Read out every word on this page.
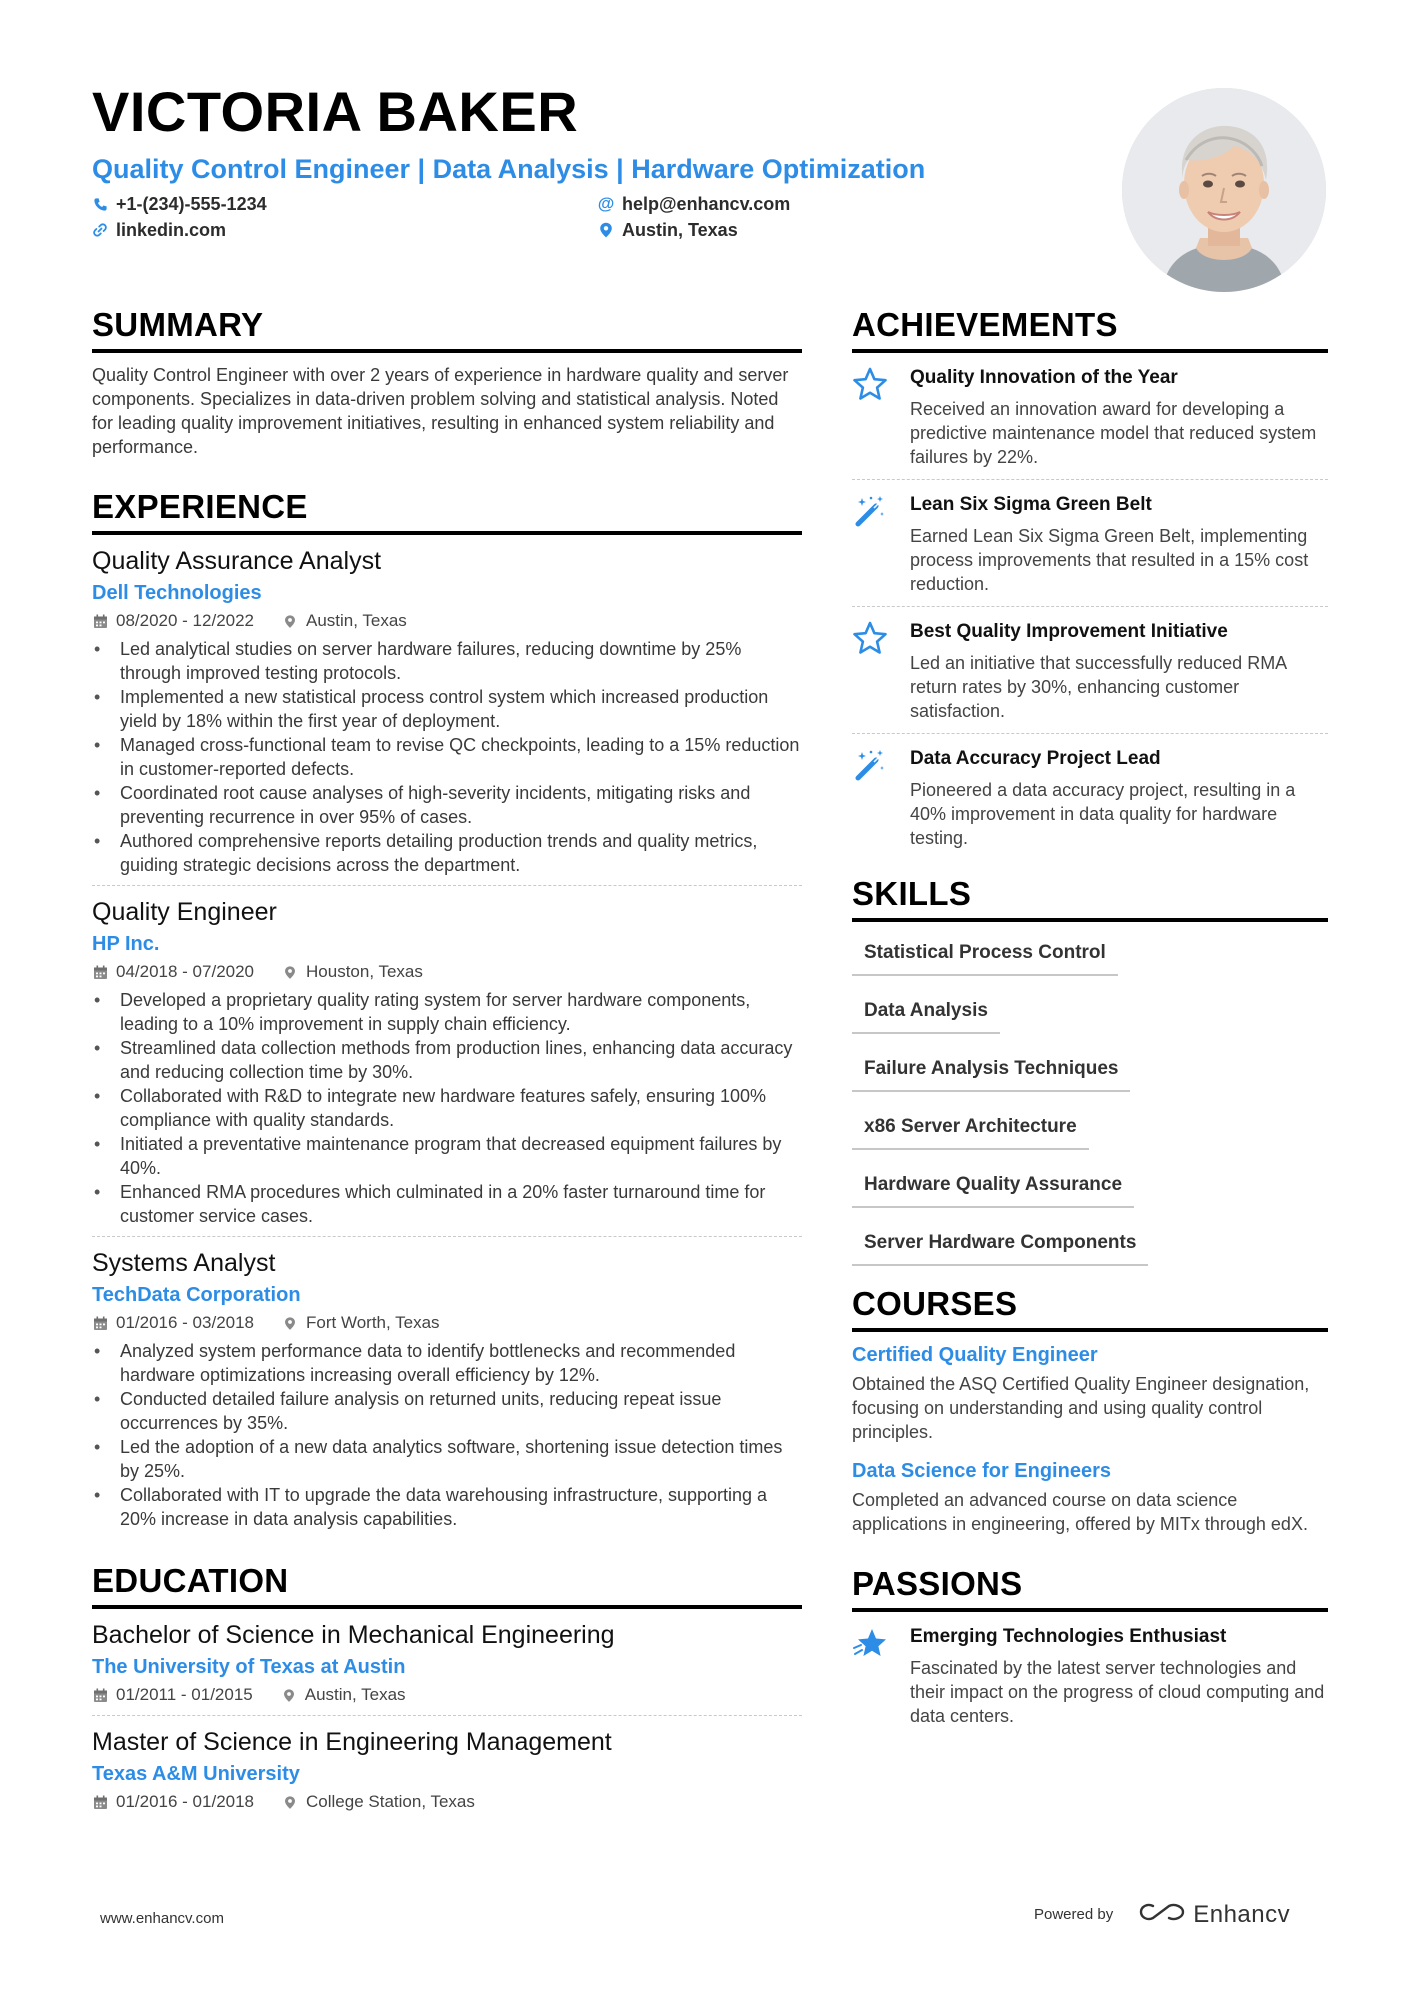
VICTORIA BAKER
Quality Control Engineer | Data Analysis | Hardware Optimization
+1-(234)-555-1234	@ help@enhancv.com
linkedin.com	Austin, Texas
SUMMARY
Quality Control Engineer with over 2 years of experience in hardware quality and server components. Specializes in data-driven problem solving and statistical analysis. Noted for leading quality improvement initiatives, resulting in enhanced system reliability and performance.
EXPERIENCE
Quality Assurance Analyst
Dell Technologies
08/2020 - 12/2022	Austin, Texas
• Led analytical studies on server hardware failures, reducing downtime by 25% through improved testing protocols.
• Implemented a new statistical process control system which increased production yield by 18% within the first year of deployment.
• Managed cross-functional team to revise QC checkpoints, leading to a 15% reduction in customer-reported defects.
• Coordinated root cause analyses of high-severity incidents, mitigating risks and preventing recurrence in over 95% of cases.
• Authored comprehensive reports detailing production trends and quality metrics, guiding strategic decisions across the department.
Quality Engineer
HP Inc.
04/2018 - 07/2020	Houston, Texas
• Developed a proprietary quality rating system for server hardware components, leading to a 10% improvement in supply chain efficiency.
• Streamlined data collection methods from production lines, enhancing data accuracy and reducing collection time by 30%.
• Collaborated with R&D to integrate new hardware features safely, ensuring 100% compliance with quality standards.
• Initiated a preventative maintenance program that decreased equipment failures by 40%.
• Enhanced RMA procedures which culminated in a 20% faster turnaround time for customer service cases.
Systems Analyst
TechData Corporation
01/2016 - 03/2018	Fort Worth, Texas
• Analyzed system performance data to identify bottlenecks and recommended hardware optimizations increasing overall efficiency by 12%.
• Conducted detailed failure analysis on returned units, reducing repeat issue occurrences by 35%.
• Led the adoption of a new data analytics software, shortening issue detection times by 25%.
• Collaborated with IT to upgrade the data warehousing infrastructure, supporting a 20% increase in data analysis capabilities.
EDUCATION
Bachelor of Science in Mechanical Engineering
The University of Texas at Austin
01/2011 - 01/2015	Austin, Texas
Master of Science in Engineering Management
Texas A&M University
01/2016 - 01/2018	College Station, Texas
ACHIEVEMENTS
Quality Innovation of the Year
Received an innovation award for developing a predictive maintenance model that reduced system failures by 22%.
Lean Six Sigma Green Belt
Earned Lean Six Sigma Green Belt, implementing process improvements that resulted in a 15% cost reduction.
Best Quality Improvement Initiative
Led an initiative that successfully reduced RMA return rates by 30%, enhancing customer satisfaction.
Data Accuracy Project Lead
Pioneered a data accuracy project, resulting in a 40% improvement in data quality for hardware testing.
SKILLS
Statistical Process Control
Data Analysis
Failure Analysis Techniques
x86 Server Architecture
Hardware Quality Assurance
Server Hardware Components
COURSES
Certified Quality Engineer
Obtained the ASQ Certified Quality Engineer designation, focusing on understanding and using quality control principles.
Data Science for Engineers
Completed an advanced course on data science applications in engineering, offered by MITx through edX.
PASSIONS
Emerging Technologies Enthusiast
Fascinated by the latest server technologies and their impact on the progress of cloud computing and data centers.
www.enhancv.com	Powered by	Enhancv
